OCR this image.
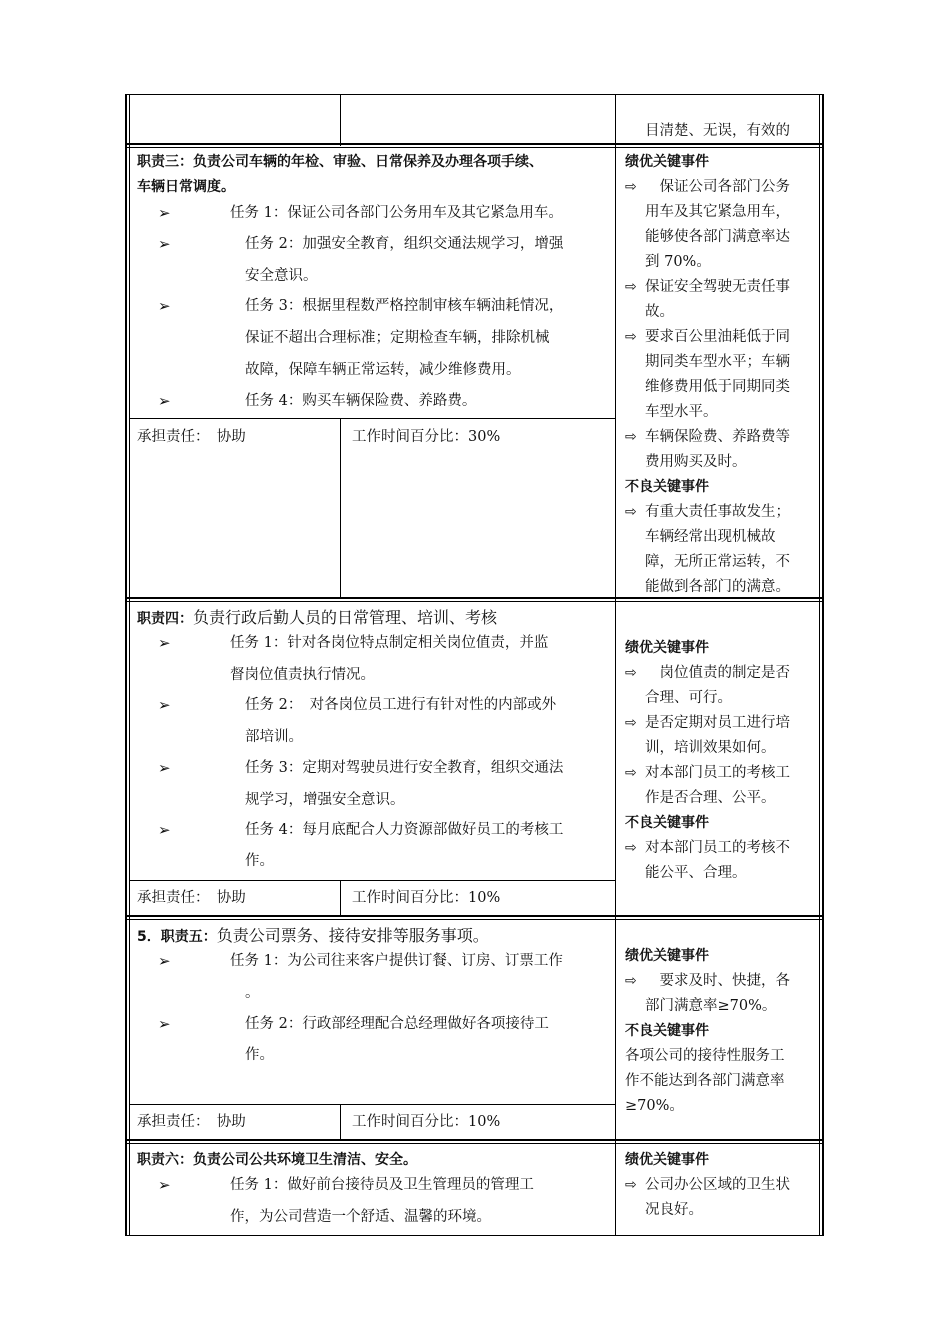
目清楚、无误，有效的
职责三：负责公司车辆的年检、审验、日常保养及办理各项手续、
车辆日常调度。
➢	任务 1：保证公司各部门公务用车及其它紧急用车。
➢	任务 2：加强安全教育，组织交通法规学习，增强
安全意识。
➢	任务 3：根据里程数严格控制审核车辆油耗情况，
保证不超出合理标准；定期检查车辆，排除机械
故障，保障车辆正常运转，减少维修费用。
➢	任务 4：购买车辆保险费、养路费。
承担责任：　协助	工作时间百分比：30%
绩优关键事件
⇨ 　保证公司各部门公务
用车及其它紧急用车，
能够使各部门满意率达
到 70%。
⇨ 保证安全驾驶无责任事
故。
⇨ 要求百公里油耗低于同
期同类车型水平；车辆
维修费用低于同期同类
车型水平。
⇨ 车辆保险费、养路费等
费用购买及时。
不良关键事件
⇨ 有重大责任事故发生；
车辆经常出现机械故
障，无所正常运转，不
能做到各部门的满意。
职责四：负责行政后勤人员的日常管理、培训、考核
➢	任务 1：针对各岗位特点制定相关岗位值责，并监
督岗位值责执行情况。
➢	任务 2：　对各岗位员工进行有针对性的内部或外
部培训。
➢	任务 3：定期对驾驶员进行安全教育，组织交通法
规学习，增强安全意识。
➢	任务 4：每月底配合人力资源部做好员工的考核工
作。
承担责任：　协助	工作时间百分比：10%
绩优关键事件
⇨ 　岗位值责的制定是否
合理、可行。
⇨ 是否定期对员工进行培
训，培训效果如何。
⇨ 对本部门员工的考核工
作是否合理、公平。
不良关键事件
⇨ 对本部门员工的考核不
能公平、合理。
5．职责五：负责公司票务、接待安排等服务事项。
➢	任务 1：为公司往来客户提供订餐、订房、订票工作
。
➢	任务 2：行政部经理配合总经理做好各项接待工
作。
承担责任：　协助	工作时间百分比：10%
绩优关键事件
⇨ 　要求及时、快捷，各
部门满意率≥70%。
不良关键事件
各项公司的接待性服务工
作不能达到各部门满意率
≥70%。
职责六：负责公司公共环境卫生清洁、安全。
➢	任务 1：做好前台接待员及卫生管理员的管理工
作，为公司营造一个舒适、温馨的环境。
绩优关键事件
⇨ 公司办公区域的卫生状
况良好。
